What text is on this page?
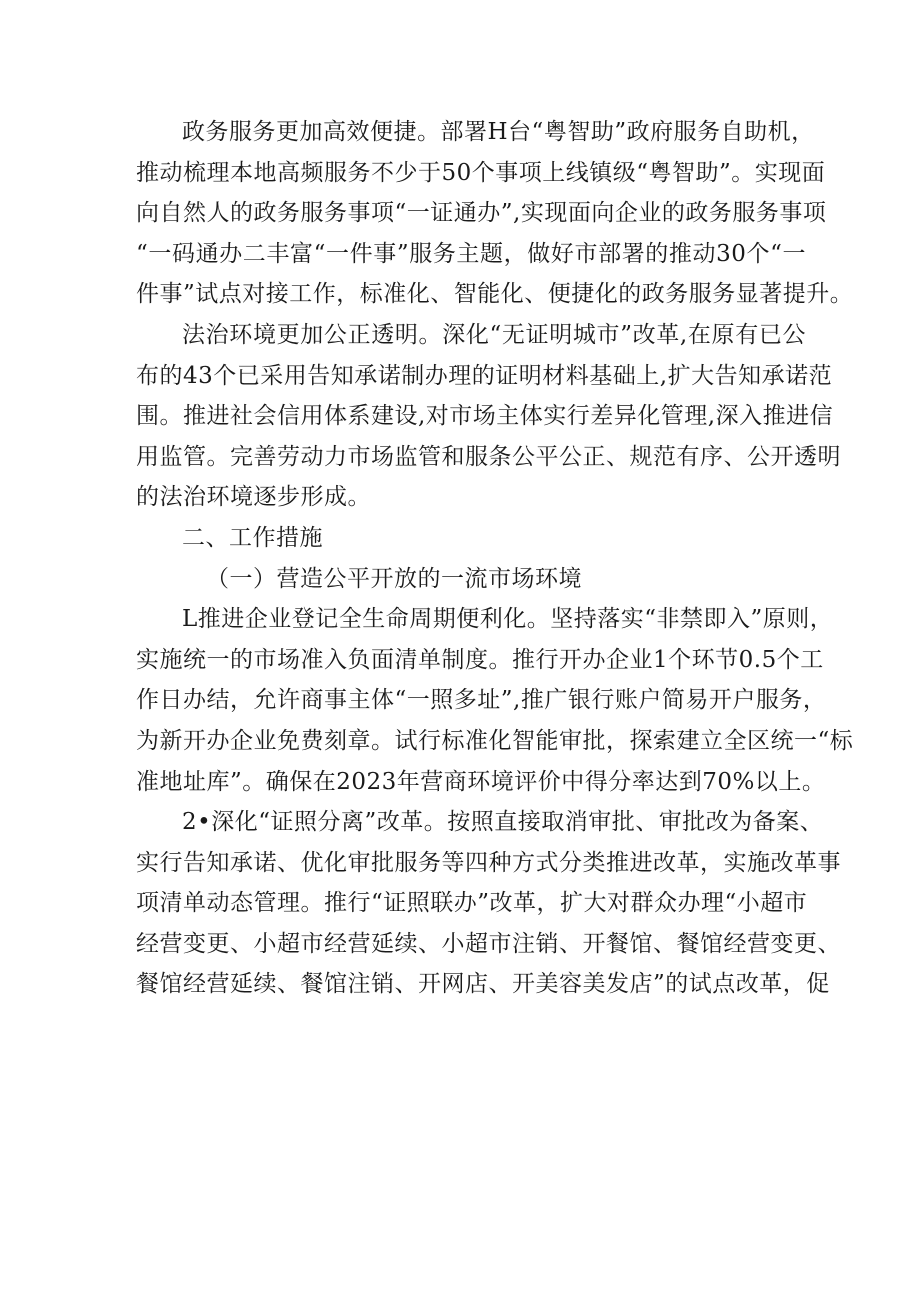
政务服务更加高效便捷。部署H台“粤智助”政府服务自助机，
推动梳理本地高频服务不少于50个事项上线镇级“粤智助”。实现面
向自然人的政务服务事项“一证通办”,实现面向企业的政务服务事项
“一码通办二丰富“一件事”服务主题，做好市部署的推动30个“一
件事”试点对接工作，标准化、智能化、便捷化的政务服务显著提升。
法治环境更加公正透明。深化“无证明城市”改革,在原有已公
布的43个已采用告知承诺制办理的证明材料基础上,扩大告知承诺范
围。推进社会信用体系建设,对市场主体实行差异化管理,深入推进信
用监管。完善劳动力市场监管和服条公平公正、规范有序、公开透明
的法治环境逐步形成。
二、工作措施
（一）营造公平开放的一流市场环境
L推进企业登记全生命周期便利化。坚持落实“非禁即入”原则，
实施统一的市场准入负面清单制度。推行开办企业1个环节0.5个工
作日办结，允许商事主体“一照多址”,推广银行账户简易开户服务，
为新开办企业免费刻章。试行标准化智能审批，探索建立全区统一“标
准地址库”。确保在2023年营商环境评价中得分率达到70%以上。
2•深化“证照分离”改革。按照直接取消审批、审批改为备案、
实行告知承诺、优化审批服务等四种方式分类推进改革，实施改革事
项清单动态管理。推行“证照联办”改革，扩大对群众办理“小超市
经营变更、小超市经营延续、小超市注销、开餐馆、餐馆经营变更、
餐馆经营延续、餐馆注销、开网店、开美容美发店”的试点改革，促
